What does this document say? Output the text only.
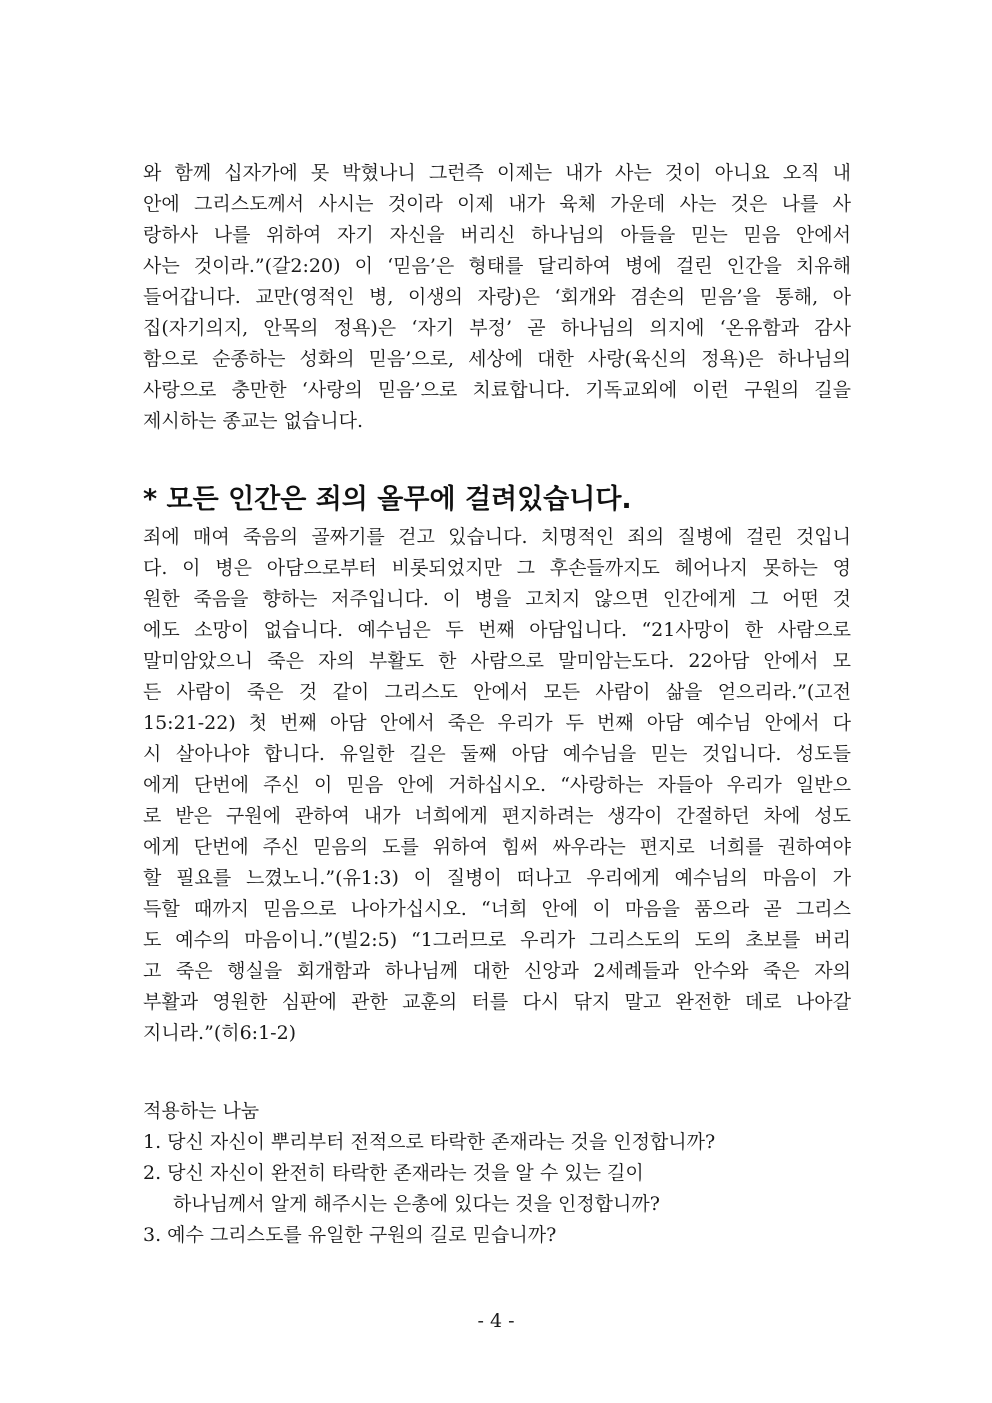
와 함께 십자가에 못 박혔나니 그런즉 이제는 내가 사는 것이 아니요 오직 내
안에 그리스도께서 사시는 것이라 이제 내가 육체 가운데 사는 것은 나를 사
랑하사 나를 위하여 자기 자신을 버리신 하나님의 아들을 믿는 믿음 안에서
사는 것이라.”(갈2:20) 이 ‘믿음’은 형태를 달리하여 병에 걸린 인간을 치유해
들어갑니다. 교만(영적인 병, 이생의 자랑)은 ‘회개와 겸손의 믿음’을 통해, 아
집(자기의지, 안목의 정욕)은 ‘자기 부정’ 곧 하나님의 의지에 ‘온유함과 감사
함으로 순종하는 성화의 믿음’으로, 세상에 대한 사랑(육신의 정욕)은 하나님의
사랑으로 충만한 ‘사랑의 믿음’으로 치료합니다. 기독교외에 이런 구원의 길을
제시하는 종교는 없습니다.
* 모든 인간은 죄의 올무에 걸려있습니다.
죄에 매여 죽음의 골짜기를 걷고 있습니다. 치명적인 죄의 질병에 걸린 것입니
다. 이 병은 아담으로부터 비롯되었지만 그 후손들까지도 헤어나지 못하는 영
원한 죽음을 향하는 저주입니다. 이 병을 고치지 않으면 인간에게 그 어떤 것
에도 소망이 없습니다. 예수님은 두 번째 아담입니다. “21사망이 한 사람으로
말미암았으니 죽은 자의 부활도 한 사람으로 말미암는도다. 22아담 안에서 모
든 사람이 죽은 것 같이 그리스도 안에서 모든 사람이 삶을 얻으리라.”(고전
15:21-22) 첫 번째 아담 안에서 죽은 우리가 두 번째 아담 예수님 안에서 다
시 살아나야 합니다. 유일한 길은 둘째 아담 예수님을 믿는 것입니다. 성도들
에게 단번에 주신 이 믿음 안에 거하십시오. “사랑하는 자들아 우리가 일반으
로 받은 구원에 관하여 내가 너희에게 편지하려는 생각이 간절하던 차에 성도
에게 단번에 주신 믿음의 도를 위하여 힘써 싸우라는 편지로 너희를 권하여야
할 필요를 느꼈노니.”(유1:3) 이 질병이 떠나고 우리에게 예수님의 마음이 가
득할 때까지 믿음으로 나아가십시오. “너희 안에 이 마음을 품으라 곧 그리스
도 예수의 마음이니.”(빌2:5) “1그러므로 우리가 그리스도의 도의 초보를 버리
고 죽은 행실을 회개함과 하나님께 대한 신앙과 2세례들과 안수와 죽은 자의
부활과 영원한 심판에 관한 교훈의 터를 다시 닦지 말고 완전한 데로 나아갈
지니라.”(히6:1-2)
적용하는 나눔
1. 당신 자신이 뿌리부터 전적으로 타락한 존재라는 것을 인정합니까?
2. 당신 자신이 완전히 타락한 존재라는 것을 알 수 있는 길이
하나님께서 알게 해주시는 은총에 있다는 것을 인정합니까?
3. 예수 그리스도를 유일한 구원의 길로 믿습니까?
- 4 -
